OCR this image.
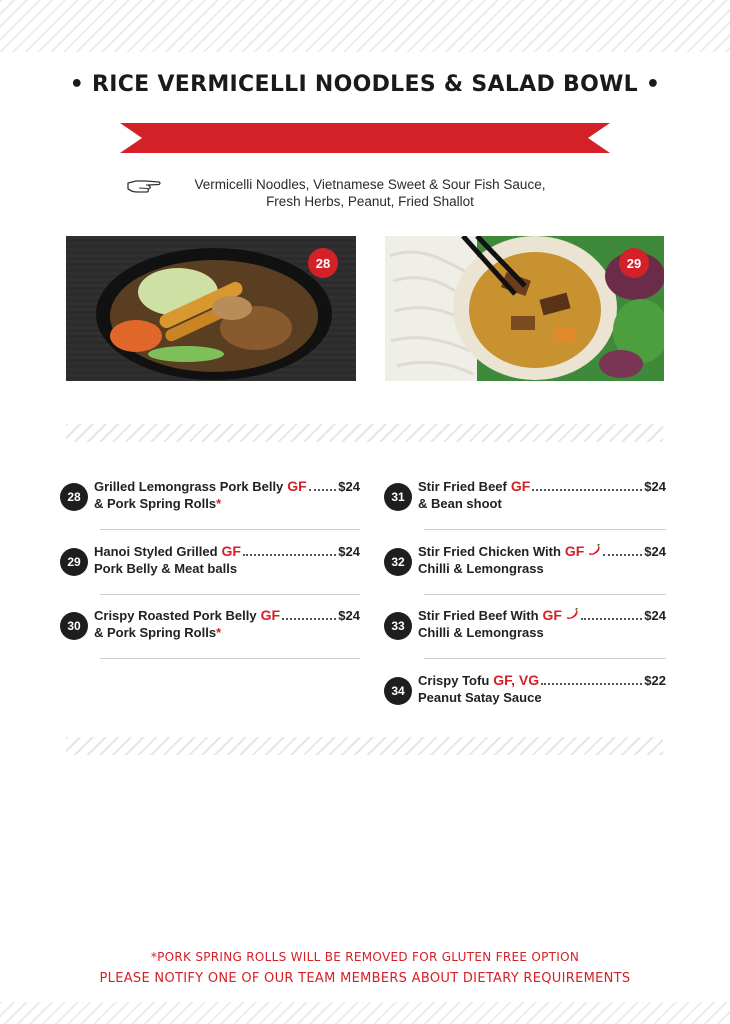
• RICE VERMICELLI NOODLES & SALAD BOWL •
Vermicelli Noodles, Vietnamese Sweet & Sour Fish Sauce,
Fresh Herbs, Peanut, Fried Shallot
28	29
28
Grilled Lemongrass Pork Belly GF $24
& Pork Spring Rolls*
29
Hanoi Styled Grilled GF	$24
Pork Belly & Meat balls
30
Crispy Roasted Pork Belly GF	$24
& Pork Spring Rolls*
31
Stir Fried Beef GF	$24
& Bean shoot
32
Stir Fried Chicken With GF	$24
Chilli & Lemongrass
33
Stir Fried Beef With GF	$24
Chilli & Lemongrass
34
Crispy Tofu GF, VG	$22
Peanut Satay Sauce
*PORK SPRING ROLLS WILL BE REMOVED FOR GLUTEN FREE OPTION
PLEASE NOTIFY ONE OF OUR TEAM MEMBERS ABOUT DIETARY REQUIREMENTS
